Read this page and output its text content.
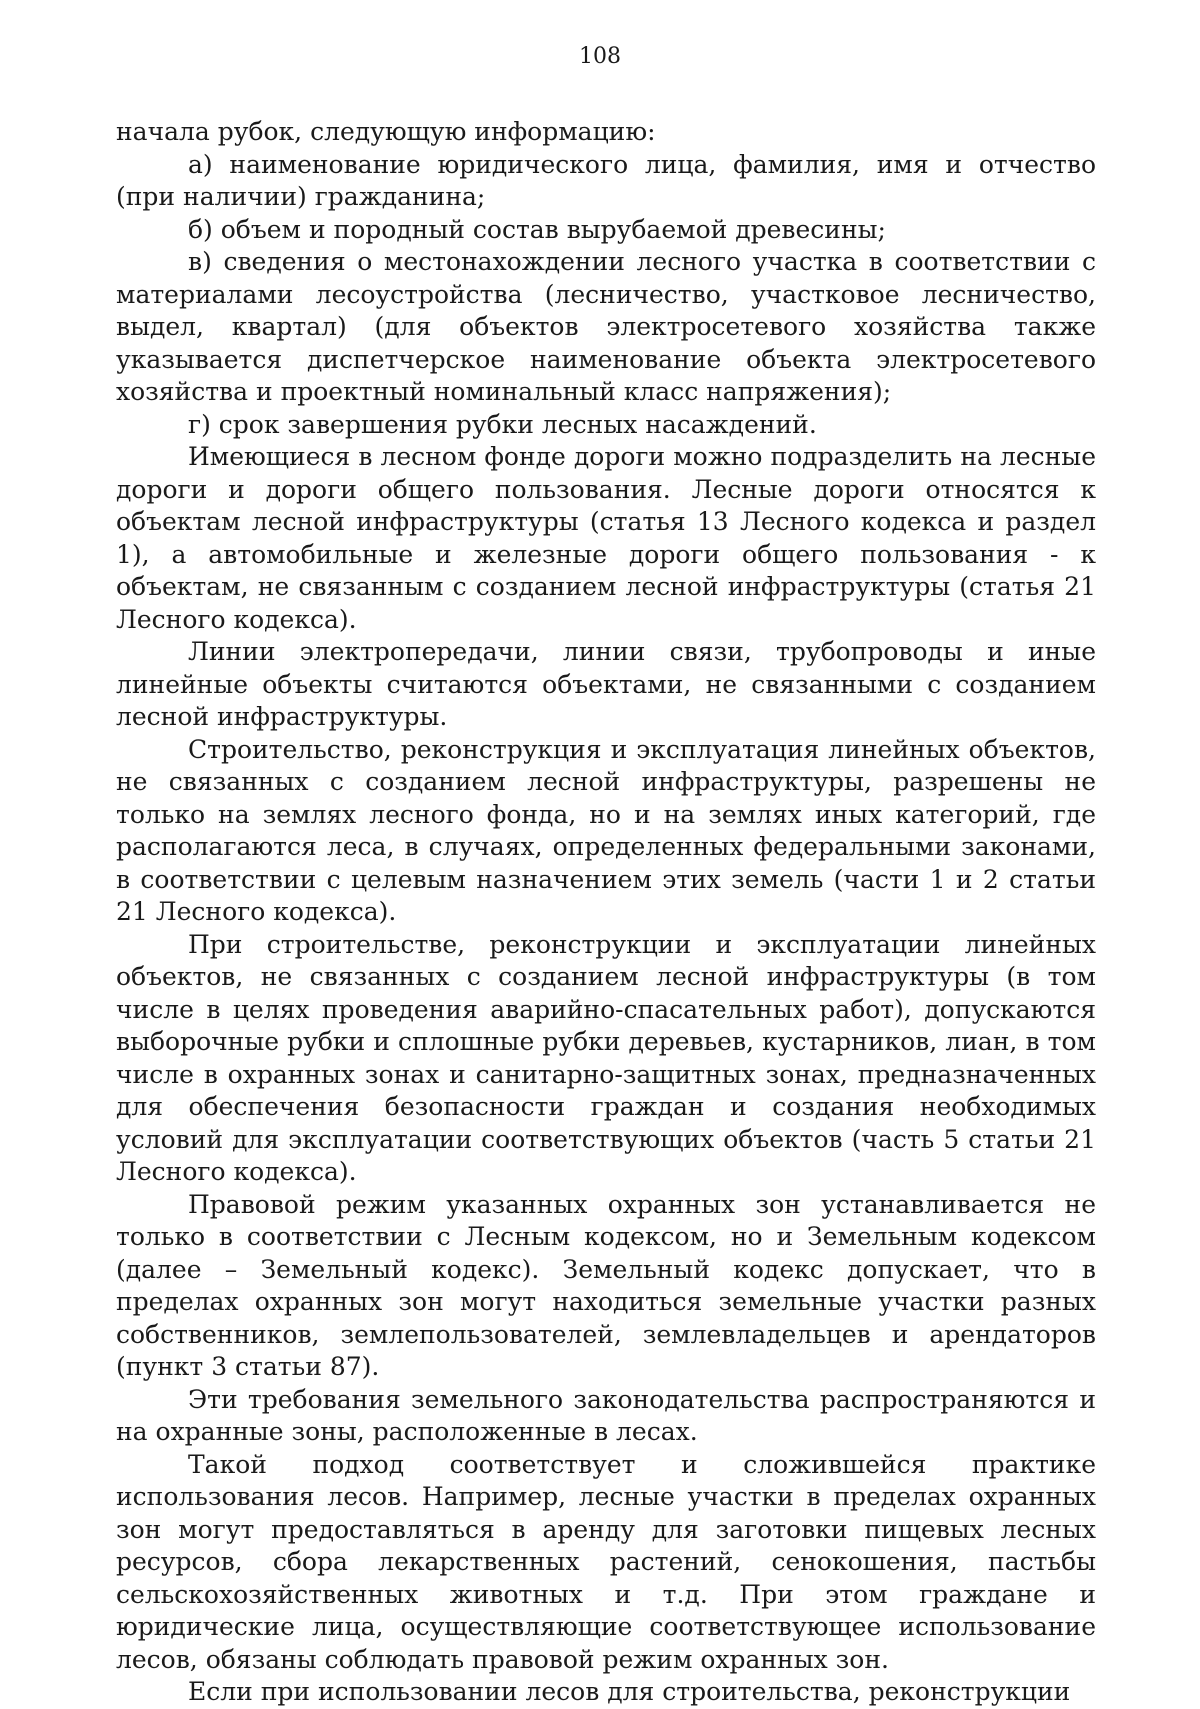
108

начала рубок, следующую информацию:

а) наименование юридического лица, фамилия, имя и отчество (при наличии) гражданина;

б) объем и породный состав вырубаемой древесины;

в) сведения о местонахождении лесного участка в соответствии с материалами лесоустройства (лесничество, участковое лесничество, выдел, квартал) (для объектов электросетевого хозяйства также указывается диспетчерское наименование объекта электросетевого хозяйства и проектный номинальный класс напряжения);

г) срок завершения рубки лесных насаждений.

Имеющиеся в лесном фонде дороги можно подразделить на лесные дороги и дороги общего пользования. Лесные дороги относятся к объектам лесной инфраструктуры (статья 13 Лесного кодекса и раздел 1), а автомобильные и железные дороги общего пользования - к объектам, не связанным с созданием лесной инфраструктуры (статья 21 Лесного кодекса).

Линии электропередачи, линии связи, трубопроводы и иные линейные объекты считаются объектами, не связанными с созданием лесной инфраструктуры.

Строительство, реконструкция и эксплуатация линейных объектов, не связанных с созданием лесной инфраструктуры, разрешены не только на землях лесного фонда, но и на землях иных категорий, где располагаются леса, в случаях, определенных федеральными законами, в соответствии с целевым назначением этих земель (части 1 и 2 статьи 21 Лесного кодекса).

При строительстве, реконструкции и эксплуатации линейных объектов, не связанных с созданием лесной инфраструктуры (в том числе в целях проведения аварийно-спасательных работ), допускаются выборочные рубки и сплошные рубки деревьев, кустарников, лиан, в том числе в охранных зонах и санитарно-защитных зонах, предназначенных для обеспечения безопасности граждан и создания необходимых условий для эксплуатации соответствующих объектов (часть 5 статьи 21 Лесного кодекса).

Правовой режим указанных охранных зон устанавливается не только в соответствии с Лесным кодексом, но и Земельным кодексом (далее – Земельный кодекс). Земельный кодекс допускает, что в пределах охранных зон могут находиться земельные участки разных собственников, землепользователей, землевладельцев и арендаторов (пункт 3 статьи 87).

Эти требования земельного законодательства распространяются и на охранные зоны, расположенные в лесах.

Такой подход соответствует и сложившейся практике использования лесов. Например, лесные участки в пределах охранных зон могут предоставляться в аренду для заготовки пищевых лесных ресурсов, сбора лекарственных растений, сенокошения, пастьбы сельскохозяйственных животных и т.д. При этом граждане и юридические лица, осуществляющие соответствующее использование лесов, обязаны соблюдать правовой режим охранных зон.

Если при использовании лесов для строительства, реконструкции
